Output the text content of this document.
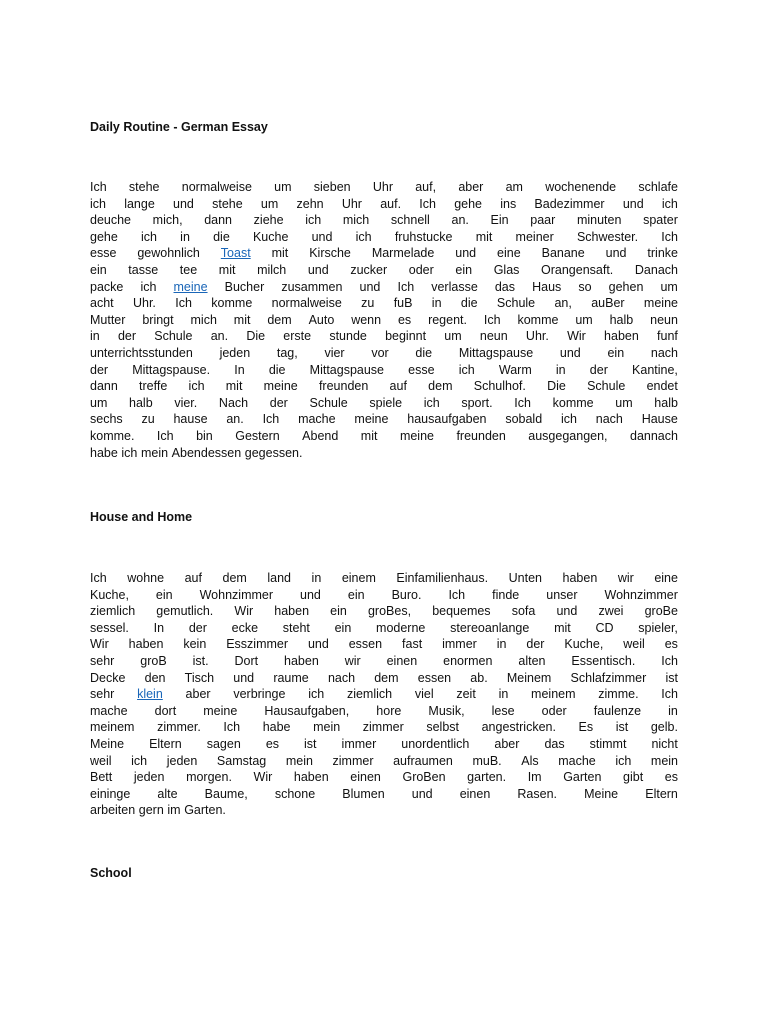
Daily Routine - German Essay
Ich stehe normalweise um sieben Uhr auf, aber am wochenende schlafe
ich lange und stehe um zehn Uhr auf. Ich gehe ins Badezimmer und ich
deuche mich, dann ziehe ich mich schnell an. Ein paar minuten spater
gehe ich in die Kuche und ich fruhstucke mit meiner Schwester. Ich
esse gewohnlich Toast mit Kirsche Marmelade und eine Banane und trinke
ein tasse tee mit milch und zucker oder ein Glas Orangensaft. Danach
packe ich meine Bucher zusammen und Ich verlasse das Haus so gehen um
acht Uhr. Ich komme normalweise zu fuB in die Schule an, auBer meine
Mutter bringt mich mit dem Auto wenn es regent. Ich komme um halb neun
in der Schule an. Die erste stunde beginnt um neun Uhr. Wir haben funf
unterrichtsstunden jeden tag, vier vor die Mittagspause und ein nach
der Mittagspause. In die Mittagspause esse ich Warm in der Kantine,
dann treffe ich mit meine freunden auf dem Schulhof. Die Schule endet
um halb vier. Nach der Schule spiele ich sport. Ich komme um halb
sechs zu hause an. Ich mache meine hausaufgaben sobald ich nach Hause
komme. Ich bin Gestern Abend mit meine freunden ausgegangen, dannach
habe ich mein Abendessen gegessen.
House and Home
Ich wohne auf dem land in einem Einfamilienhaus. Unten haben wir eine
Kuche, ein Wohnzimmer und ein Buro. Ich finde unser Wohnzimmer
ziemlich gemutlich. Wir haben ein groBes, bequemes sofa und zwei groBe
sessel. In der ecke steht ein moderne stereoanlange mit CD spieler,
Wir haben kein Esszimmer und essen fast immer in der Kuche, weil es
sehr groB ist. Dort haben wir einen enormen alten Essentisch. Ich
Decke den Tisch und raume nach dem essen ab. Meinem Schlafzimmer ist
sehr klein aber verbringe ich ziemlich viel zeit in meinem zimme. Ich
mache dort meine Hausaufgaben, hore Musik, lese oder faulenze in
meinem zimmer. Ich habe mein zimmer selbst angestricken. Es ist gelb.
Meine Eltern sagen es ist immer unordentlich aber das stimmt nicht
weil ich jeden Samstag mein zimmer aufraumen muB. Als mache ich mein
Bett jeden morgen. Wir haben einen GroBen garten. Im Garten gibt es
eininge alte Baume, schone Blumen und einen Rasen. Meine Eltern
arbeiten gern im Garten.
School
